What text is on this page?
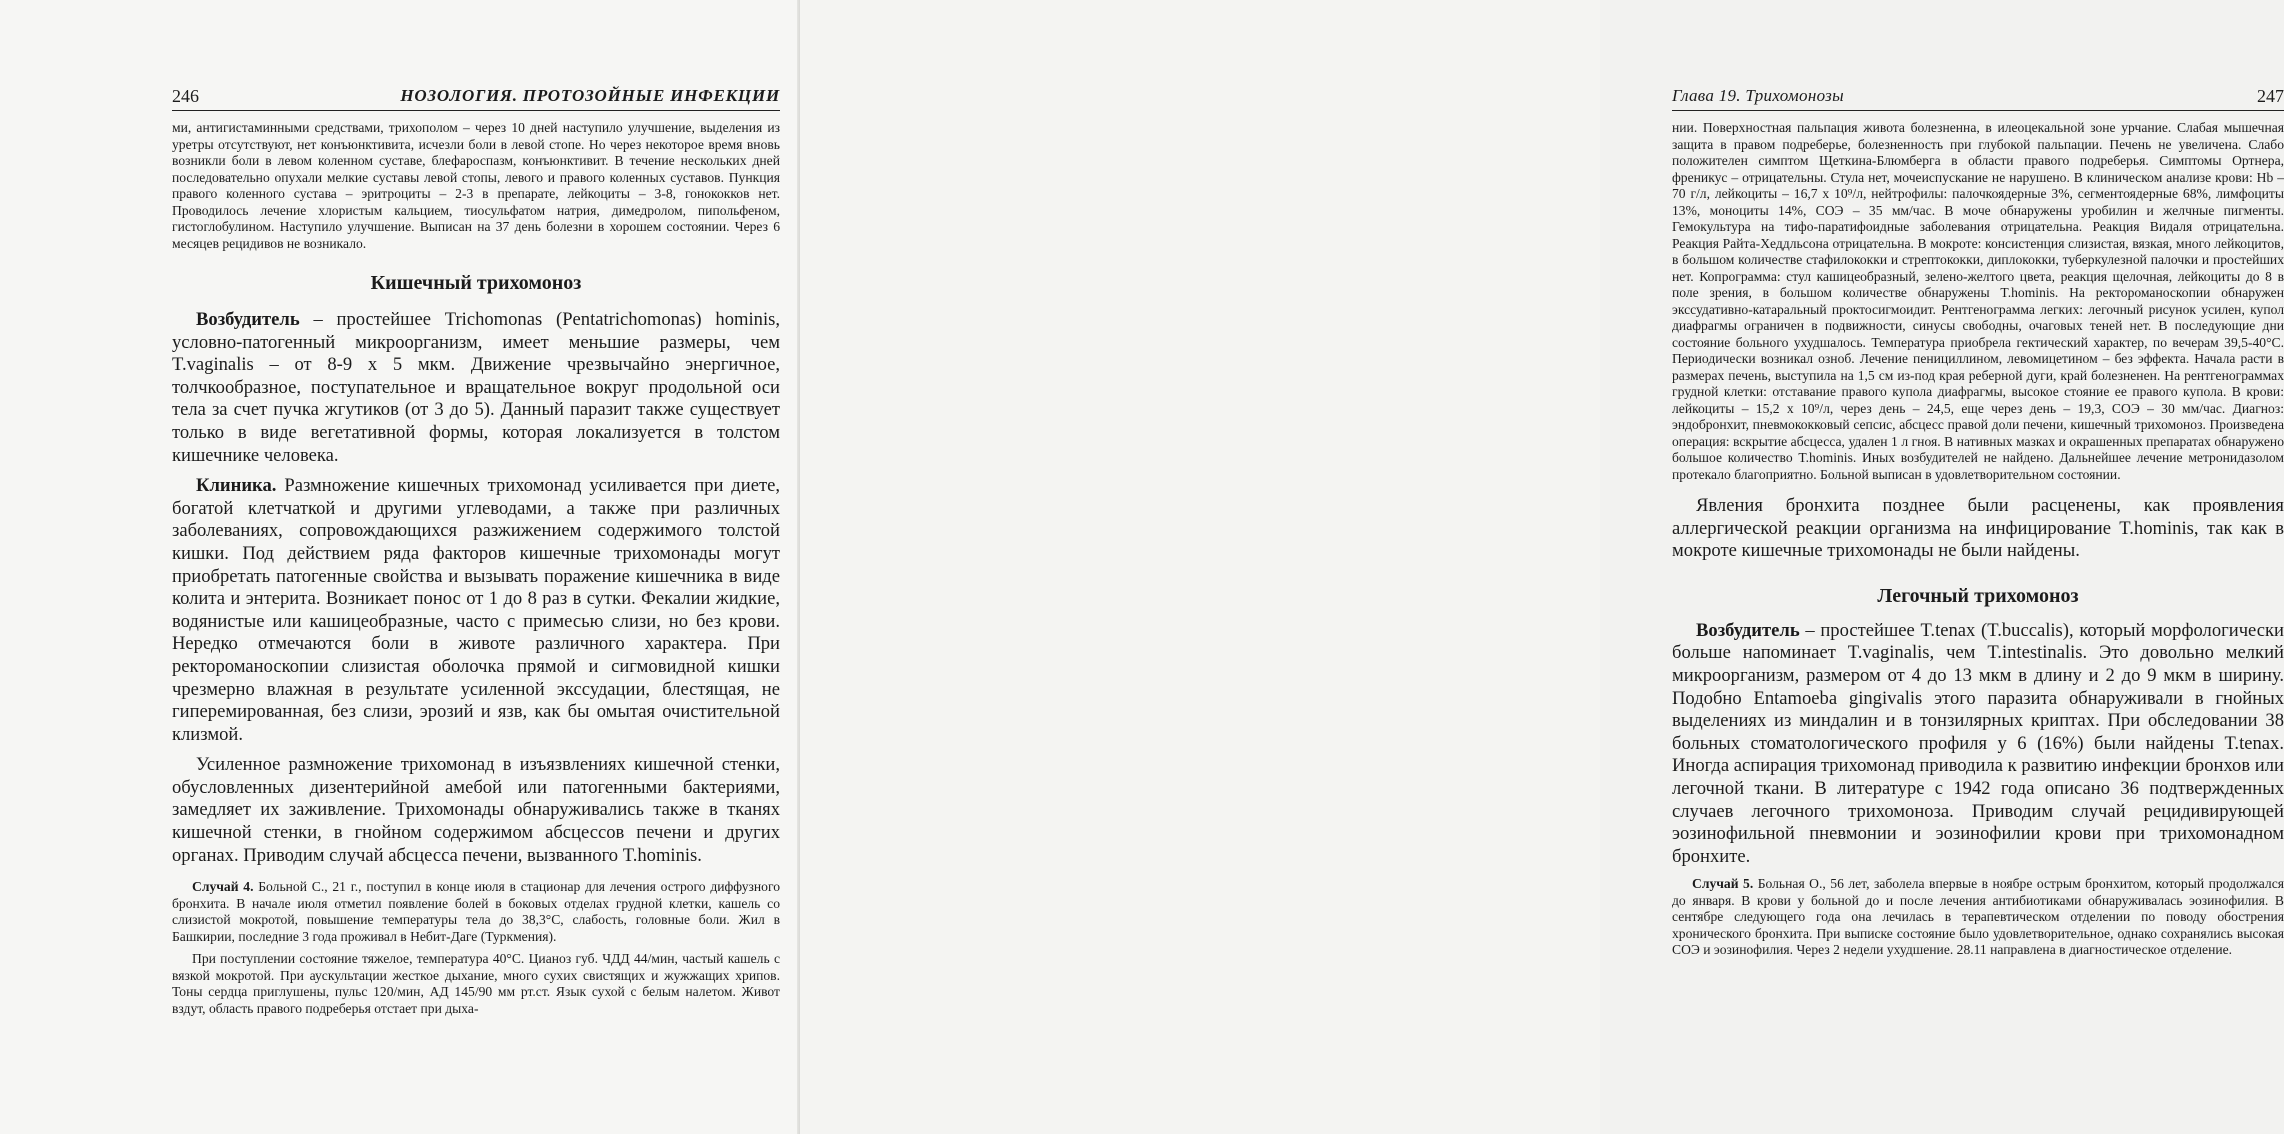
246	НОЗОЛОГИЯ. ПРОТОЗОЙНЫЕ ИНФЕКЦИИ

ми, антигистаминными средствами, трихополом – через 10 дней наступило улучшение, выделения из уретры отсутствуют, нет конъюнктивита, исчезли боли в левой стопе. Но через некоторое время вновь возникли боли в левом коленном суставе, блефароспазм, конъюнктивит. В течение нескольких дней последовательно опухали мелкие суставы левой стопы, левого и правого коленных суставов. Пункция правого коленного сустава – эритроциты – 2-3 в препарате, лейкоциты – 3-8, гонококков нет. Проводилось лечение хлористым кальцием, тиосульфатом натрия, димедролом, пипольфеном, гистоглобулином. Наступило улучшение. Выписан на 37 день болезни в хорошем состоянии. Через 6 месяцев рецидивов не возникало.

Кишечный трихомоноз

Возбудитель – простейшее Trichomonas (Pentatrichomonas) hominis, условно-патогенный микроорганизм, имеет меньшие размеры, чем T.vaginalis – от 8-9 x 5 мкм. Движение чрезвычайно энергичное, толчкообразное, поступательное и вращательное вокруг продольной оси тела за счет пучка жгутиков (от 3 до 5). Данный паразит также существует только в виде вегетативной формы, которая локализуется в толстом кишечнике человека.

Клиника. Размножение кишечных трихомонад усиливается при диете, богатой клетчаткой и другими углеводами, а также при различных заболеваниях, сопровождающихся разжижением содержимого толстой кишки. Под действием ряда факторов кишечные трихомонады могут приобретать патогенные свойства и вызывать поражение кишечника в виде колита и энтерита. Возникает понос от 1 до 8 раз в сутки. Фекалии жидкие, водянистые или кашицеобразные, часто с примесью слизи, но без крови. Нередко отмечаются боли в животе различного характера. При ректороманоскопии слизистая оболочка прямой и сигмовидной кишки чрезмерно влажная в результате усиленной экссудации, блестящая, не гиперемированная, без слизи, эрозий и язв, как бы омытая очистительной клизмой.

Усиленное размножение трихомонад в изъязвлениях кишечной стенки, обусловленных дизентерийной амебой или патогенными бактериями, замедляет их заживление. Трихомонады обнаруживались также в тканях кишечной стенки, в гнойном содержимом абсцессов печени и других органах. Приводим случай абсцесса печени, вызванного T.hominis.

Случай 4. Больной С., 21 г., поступил в конце июля в стационар для лечения острого диффузного бронхита. В начале июля отметил появление болей в боковых отделах грудной клетки, кашель со слизистой мокротой, повышение температуры тела до 38,3°С, слабость, головные боли. Жил в Башкирии, последние 3 года проживал в Небит-Даге (Туркмения).

При поступлении состояние тяжелое, температура 40°С. Цианоз губ. ЧДД 44/мин, частый кашель с вязкой мокротой. При аускультации жесткое дыхание, много сухих свистящих и жужжащих хрипов. Тоны сердца приглушены, пульс 120/мин, АД 145/90 мм рт.ст. Язык сухой с белым налетом. Живот вздут, область правого подреберья отстает при дыха-

Глава 19. Трихомонозы	247

нии. Поверхностная пальпация живота болезненна, в илеоцекальной зоне урчание. Слабая мышечная защита в правом подреберье, болезненность при глубокой пальпации. Печень не увеличена. Слабо положителен симптом Щеткина-Блюмберга в области правого подреберья. Симптомы Ортнера, френикус – отрицательны. Стула нет, мочеиспускание не нарушено. В клиническом анализе крови: Hb – 70 г/л, лейкоциты – 16,7 x 10⁹/л, нейтрофилы: палочкоядерные 3%, сегментоядерные 68%, лимфоциты 13%, моноциты 14%, СОЭ – 35 мм/час. В моче обнаружены уробилин и желчные пигменты. Гемокультура на тифо-паратифоидные заболевания отрицательна. Реакция Видаля отрицательна. Реакция Райта-Хеддльсона отрицательна. В мокроте: консистенция слизистая, вязкая, много лейкоцитов, в большом количестве стафилококки и стрептококки, диплококки, туберкулезной палочки и простейших нет. Копрограмма: стул кашицеобразный, зелено-желтого цвета, реакция щелочная, лейкоциты до 8 в поле зрения, в большом количестве обнаружены T.hominis. На ректороманоскопии обнаружен экссудативно-катаральный проктосигмоидит. Рентгенограмма легких: легочный рисунок усилен, купол диафрагмы ограничен в подвижности, синусы свободны, очаговых теней нет. В последующие дни состояние больного ухудшалось. Температура приобрела гектический характер, по вечерам 39,5-40°С. Периодически возникал озноб. Лечение пенициллином, левомицетином – без эффекта. Начала расти в размерах печень, выступила на 1,5 см из-под края реберной дуги, край болезненен. На рентгенограммах грудной клетки: отставание правого купола диафрагмы, высокое стояние ее правого купола. В крови: лейкоциты – 15,2 x 10⁹/л, через день – 24,5, еще через день – 19,3, СОЭ – 30 мм/час. Диагноз: эндобронхит, пневмококковый сепсис, абсцесс правой доли печени, кишечный трихомоноз. Произведена операция: вскрытие абсцесса, удален 1 л гноя. В нативных мазках и окрашенных препаратах обнаружено большое количество T.hominis. Иных возбудителей не найдено. Дальнейшее лечение метронидазолом протекало благоприятно. Больной выписан в удовлетворительном состоянии.

Явления бронхита позднее были расценены, как проявления аллергической реакции организма на инфицирование T.hominis, так как в мокроте кишечные трихомонады не были найдены.

Легочный трихомоноз

Возбудитель – простейшее T.tenax (T.buccalis), который морфологически больше напоминает T.vaginalis, чем T.intestinalis. Это довольно мелкий микроорганизм, размером от 4 до 13 мкм в длину и 2 до 9 мкм в ширину. Подобно Entamoeba gingivalis этого паразита обнаруживали в гнойных выделениях из миндалин и в тонзилярных криптах. При обследовании 38 больных стоматологического профиля у 6 (16%) были найдены T.tenax. Иногда аспирация трихомонад приводила к развитию инфекции бронхов или легочной ткани. В литературе с 1942 года описано 36 подтвержденных случаев легочного трихомоноза. Приводим случай рецидивирующей эозинофильной пневмонии и эозинофилии крови при трихомонадном бронхите.

Случай 5. Больная О., 56 лет, заболела впервые в ноябре острым бронхитом, который продолжался до января. В крови у больной до и после лечения антибиотиками обнаруживалась эозинофилия. В сентябре следующего года она лечилась в терапевтическом отделении по поводу обострения хронического бронхита. При выписке состояние было удовлетворительное, однако сохранялись высокая СОЭ и эозинофилия. Через 2 недели ухудшение. 28.11 направлена в диагностическое отделение.
